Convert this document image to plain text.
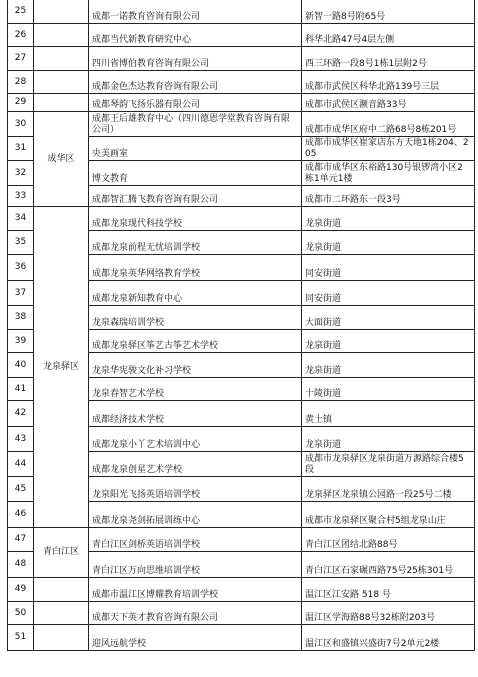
25		成都一诺教育咨询有限公司	新智一路8号附65号
26		成都当代新教育研究中心	科华北路47号4层左侧
27		四川省博伯教育咨询有限公司	西三环路一段8号1栋1层附2号
28		成都金色杰达教育咨询有限公司	成都市武侯区科华北路139号三层
29		成都琴韵飞扬乐器有限公司	成都市武侯区濒音路33号
30	成华区	成都王后雄教育中心（四川德恩学堂教育咨询有限公司）	成都市成华区府中二路68号8栋201号
31		央美画室	成都市成华区崔家店东方天地1栋204、205
32		博文教育	成都市成华区东裕路130号银锣湾小区2栋1单元1楼
33		成都智汇腾飞教育咨询有限公司	成都市二环路东一段3号
34	龙泉驿区	成都龙泉现代科技学校	龙泉街道
35		成都龙泉前程无忧培训学校	龙泉街道
36		成都龙泉英华网络教育学校	同安街道
37		成都龙泉新知教育中心	同安街道
38		龙泉森瑞培训学校	大面街道
39		成都龙泉驿区筝艺古筝艺术学校	龙泉街道
40		龙泉华宪骏文化补习学校	龙泉街道
41		龙泉春智艺术学校	十陵街道
42		成都经济技术学校	黄土镇
43		成都龙泉小丫艺术培训中心	龙泉街道
44		成都龙泉创星艺术学校	成都市龙泉驿区龙泉街道万源路综合楼5段
45		龙泉阳光飞扬英语培训学校	龙泉驿区龙泉镇公园路一段25号二楼
46		成都龙泉尧剑拓展训练中心	成都市龙泉驿区聚合村5组龙泉山庄
47	青白江区	青白江区剑桥英语培训学校	青白江区团结北路88号
48		青白江区万向思维培训学校	青白江区石家碾西路75号25栋301号
49		成都市温江区博耀教育培训学校	温江区江安路 518 号
50		成都天下英才教育咨询有限公司	温江区学海路88号32栋附203号
51		迎风远航学校	温江区和盛镇兴盛街7号2单元2楼
